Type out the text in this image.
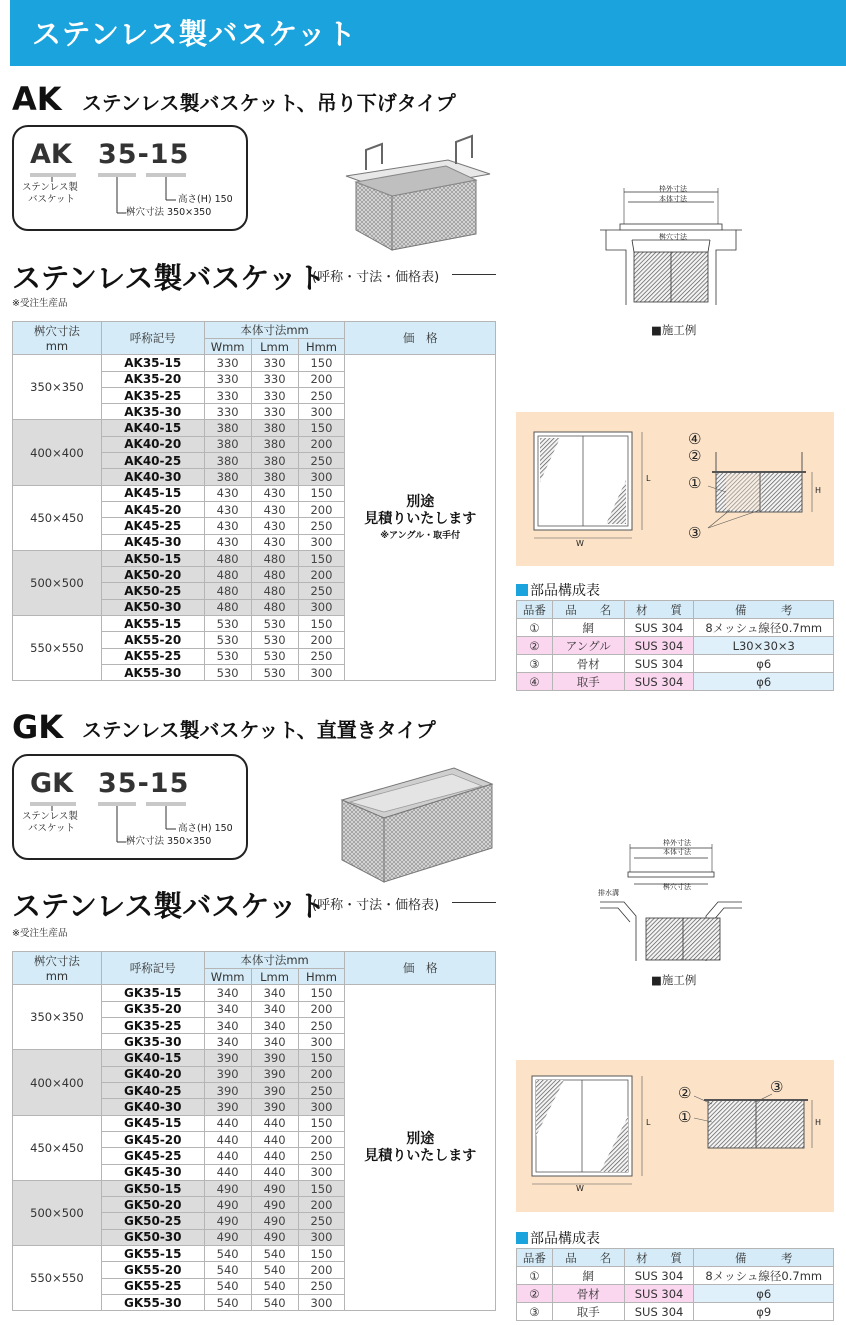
ステンレス製バスケット
AK ステンレス製バスケット、吊り下げタイプ
AK 35-15
ステンレス製
バスケット	高さ(H) 150
桝穴寸法 350×350
枠外寸法
本体寸法
桝穴寸法
■施工例
ステンレス製バスケット
(呼称・寸法・価格表)
※受注生産品
桝穴寸法
mm	呼称記号	本体寸法mm			価　格
		Wmm	Lmm	Hmm	
350×350	AK35-15	330	330	150	別途
見積りいたします
※アングル・取手付

	AK35-20	330	330	200	
	AK35-25	330	330	250	
	AK35-30	330	330	300	
400×400	AK40-15	380	380	150	
	AK40-20	380	380	200	
	AK40-25	380	380	250	
	AK40-30	380	380	300	
450×450	AK45-15	430	430	150	
	AK45-20	430	430	200	
	AK45-25	430	430	250	
	AK45-30	430	430	300	
500×500	AK50-15	480	480	150	
	AK50-20	480	480	200	
	AK50-25	480	480	250	
	AK50-30	480	480	300	
550×550	AK55-15	530	530	150	
	AK55-20	530	530	200	
	AK55-25	530	530	250	
	AK55-30	530	530	300	
W
L
H
④
②
①
③
部品構成表
品番	品　　名	材　　質	備　　　考
①	網	SUS 304	8メッシュ線径0.7mm
②	アングル	SUS 304	L30×30×3
③	骨材	SUS 304	φ6
④	取手	SUS 304	φ6
GK ステンレス製バスケット、直置きタイプ
GK 35-15
ステンレス製
バスケット	高さ(H) 150
桝穴寸法 350×350	枠外寸法
本体寸法
桝穴寸法
排水溝
■施工例
ステンレス製バスケット
(呼称・寸法・価格表)
※受注生産品
桝穴寸法
mm	呼称記号	本体寸法mm			価　格
		Wmm	Lmm	Hmm	
350×350	GK35-15	340	340	150	別途
見積りいたします

	GK35-20	340	340	200	
	GK35-25	340	340	250	
	GK35-30	340	340	300	
400×400	GK40-15	390	390	150	
	GK40-20	390	390	200	
	GK40-25	390	390	250	
	GK40-30	390	390	300	
450×450	GK45-15	440	440	150	
	GK45-20	440	440	200	
	GK45-25	440	440	250	
	GK45-30	440	440	300	
500×500	GK50-15	490	490	150	
	GK50-20	490	490	200	
	GK50-25	490	490	250	
	GK50-30	490	490	300	
550×550	GK55-15	540	540	150	
	GK55-20	540	540	200	
	GK55-25	540	540	250	
	GK55-30	540	540	300	
W
L	H
②
①
③
部品構成表
品番	品　　名	材　　質	備　　　考
①	網	SUS 304	8メッシュ線径0.7mm
②	骨材	SUS 304	φ6
③	取手	SUS 304	φ9
